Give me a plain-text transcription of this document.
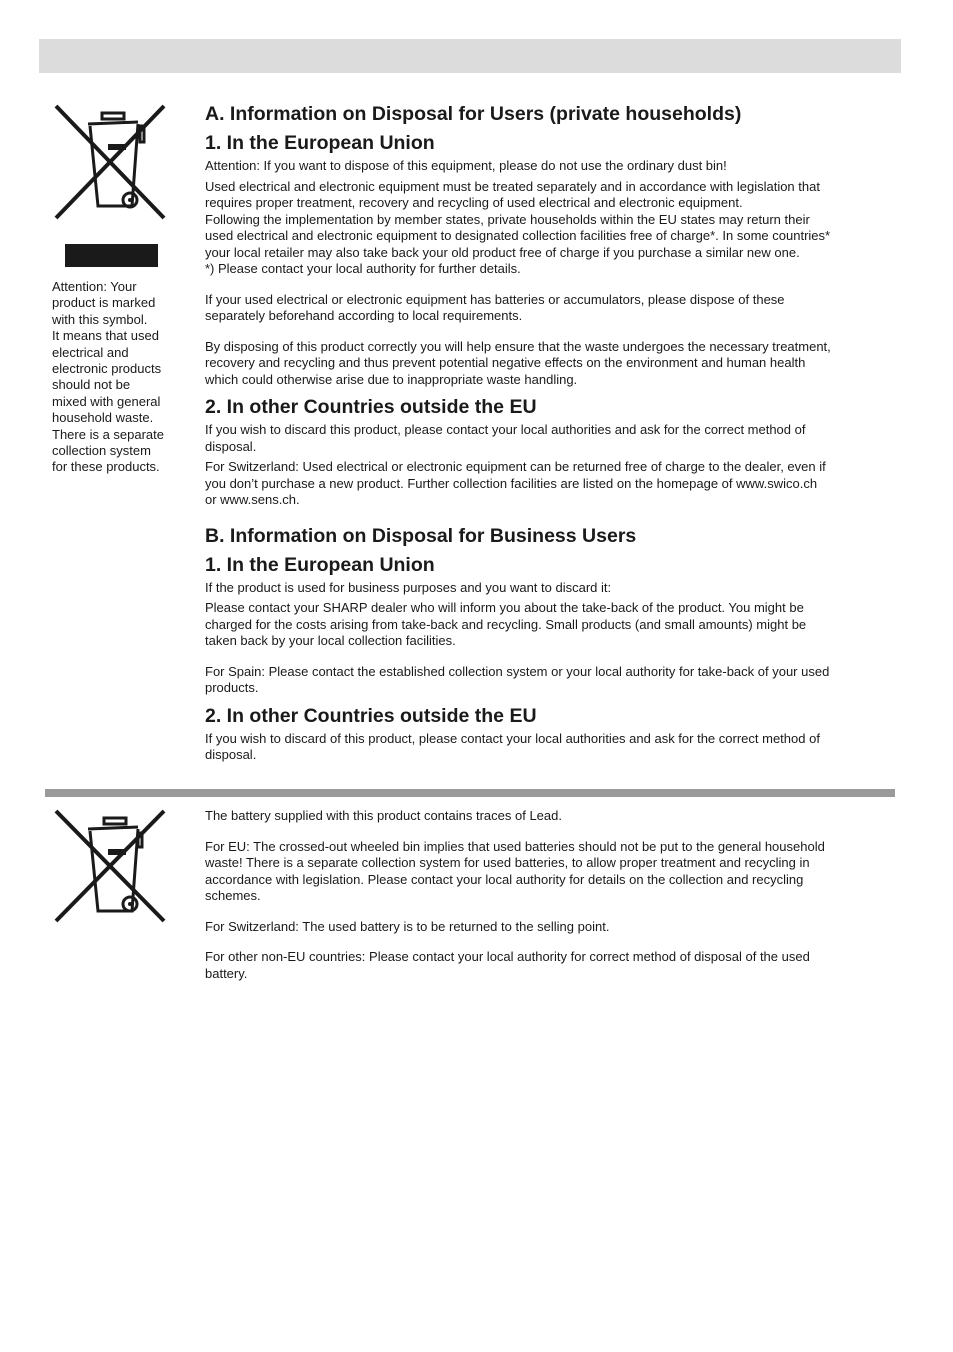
Attention: Your
product is marked
with this symbol.
It means that used
electrical and
electronic products
should not be
mixed with general
household waste.
There is a separate
collection system
for these products.

A. Information on Disposal for Users (private households)
1. In the European Union

Attention: If you want to dispose of this equipment, please do not use the ordinary dust bin!

Used electrical and electronic equipment must be treated separately and in accordance with legislation that

requires proper treatment, recovery and recycling of used electrical and electronic equipment.

Following the implementation by member states, private households within the EU states may return their

used electrical and electronic equipment to designated collection facilities free of charge*. In some countries*

your local retailer may also take back your old product free of charge if you purchase a similar new one.

*) Please contact your local authority for further details.

If your used electrical or electronic equipment has batteries or accumulators, please dispose of these

separately beforehand according to local requirements.

By disposing of this product correctly you will help ensure that the waste undergoes the necessary treatment,

recovery and recycling and thus prevent potential negative effects on the environment and human health

which could otherwise arise due to inappropriate waste handling.

2. In other Countries outside the EU

If you wish to discard this product, please contact your local authorities and ask for the correct method of

disposal.

For Switzerland: Used electrical or electronic equipment can be returned free of charge to the dealer, even if

you don’t purchase a new product. Further collection facilities are listed on the homepage of www.swico.ch

or www.sens.ch.

B. Information on Disposal for Business Users
1. In the European Union

If the product is used for business purposes and you want to discard it:

Please contact your SHARP dealer who will inform you about the take-back of the product. You might be

charged for the costs arising from take-back and recycling. Small products (and small amounts) might be

taken back by your local collection facilities.

For Spain: Please contact the established collection system or your local authority for take-back of your used

products.

2. In other Countries outside the EU

If you wish to discard of this product, please contact your local authorities and ask for the correct method of

disposal.

The battery supplied with this product contains traces of Lead.

For EU: The crossed-out wheeled bin implies that used batteries should not be put to the general household

waste! There is a separate collection system for used batteries, to allow proper treatment and recycling in

accordance with legislation. Please contact your local authority for details on the collection and recycling

schemes.

For Switzerland: The used battery is to be returned to the selling point.

For other non-EU countries: Please contact your local authority for correct method of disposal of the used

battery.
